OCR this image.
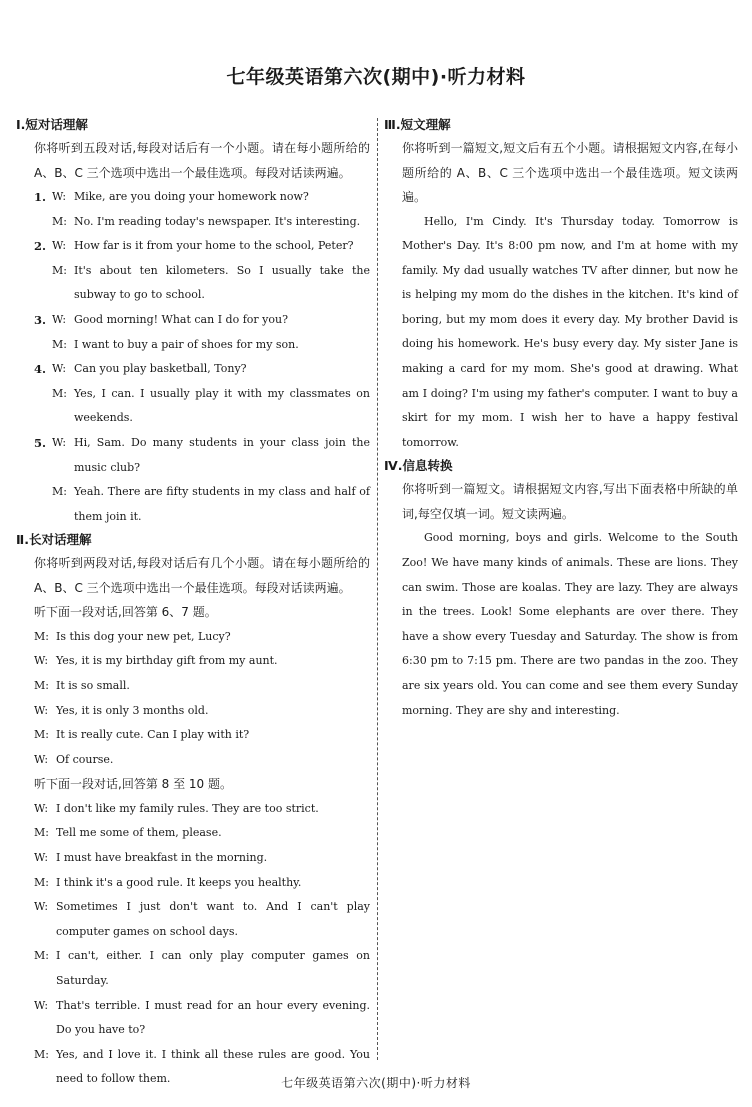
七年级英语第六次(期中)·听力材料
Ⅰ.短对话理解
你将听到五段对话,每段对话后有一个小题。请在每小题所给的 A、B、C 三个选项中选出一个最佳选项。每段对话读两遍。
1. W: Mike, are you doing your homework now?
M: No. I'm reading today's newspaper. It's interesting.
2. W: How far is it from your home to the school, Peter?
M: It's about ten kilometers. So I usually take the subway to go to school.
3. W: Good morning! What can I do for you?
M: I want to buy a pair of shoes for my son.
4. W: Can you play basketball, Tony?
M: Yes, I can. I usually play it with my classmates on weekends.
5. W: Hi, Sam. Do many students in your class join the music club?
M: Yeah. There are fifty students in my class and half of them join it.
Ⅱ.长对话理解
你将听到两段对话,每段对话后有几个小题。请在每小题所给的 A、B、C 三个选项中选出一个最佳选项。每段对话读两遍。
听下面一段对话,回答第 6、7 题。
M: Is this dog your new pet, Lucy?
W: Yes, it is my birthday gift from my aunt.
M: It is so small.
W: Yes, it is only 3 months old.
M: It is really cute. Can I play with it?
W: Of course.
听下面一段对话,回答第 8 至 10 题。
W: I don't like my family rules. They are too strict.
M: Tell me some of them, please.
W: I must have breakfast in the morning.
M: I think it's a good rule. It keeps you healthy.
W: Sometimes I just don't want to. And I can't play computer games on school days.
M: I can't, either. I can only play computer games on Saturday.
W: That's terrible. I must read for an hour every evening. Do you have to?
M: Yes, and I love it. I think all these rules are good. You need to follow them.
Ⅲ.短文理解
你将听到一篇短文,短文后有五个小题。请根据短文内容,在每小题所给的 A、B、C 三个选项中选出一个最佳选项。短文读两遍。
Hello, I'm Cindy. It's Thursday today. Tomorrow is Mother's Day. It's 8:00 pm now, and I'm at home with my family. My dad usually watches TV after dinner, but now he is helping my mom do the dishes in the kitchen. It's kind of boring, but my mom does it every day. My brother David is doing his homework. He's busy every day. My sister Jane is making a card for my mom. She's good at drawing. What am I doing? I'm using my father's computer. I want to buy a skirt for my mom. I wish her to have a happy festival tomorrow.
Ⅳ.信息转换
你将听到一篇短文。请根据短文内容,写出下面表格中所缺的单词,每空仅填一词。短文读两遍。
Good morning, boys and girls. Welcome to the South Zoo! We have many kinds of animals. These are lions. They can swim. Those are koalas. They are lazy. They are always in the trees. Look! Some elephants are over there. They have a show every Tuesday and Saturday. The show is from 6:30 pm to 7:15 pm. There are two pandas in the zoo. They are six years old. You can come and see them every Sunday morning. They are shy and interesting.
七年级英语第六次(期中)·听力材料
